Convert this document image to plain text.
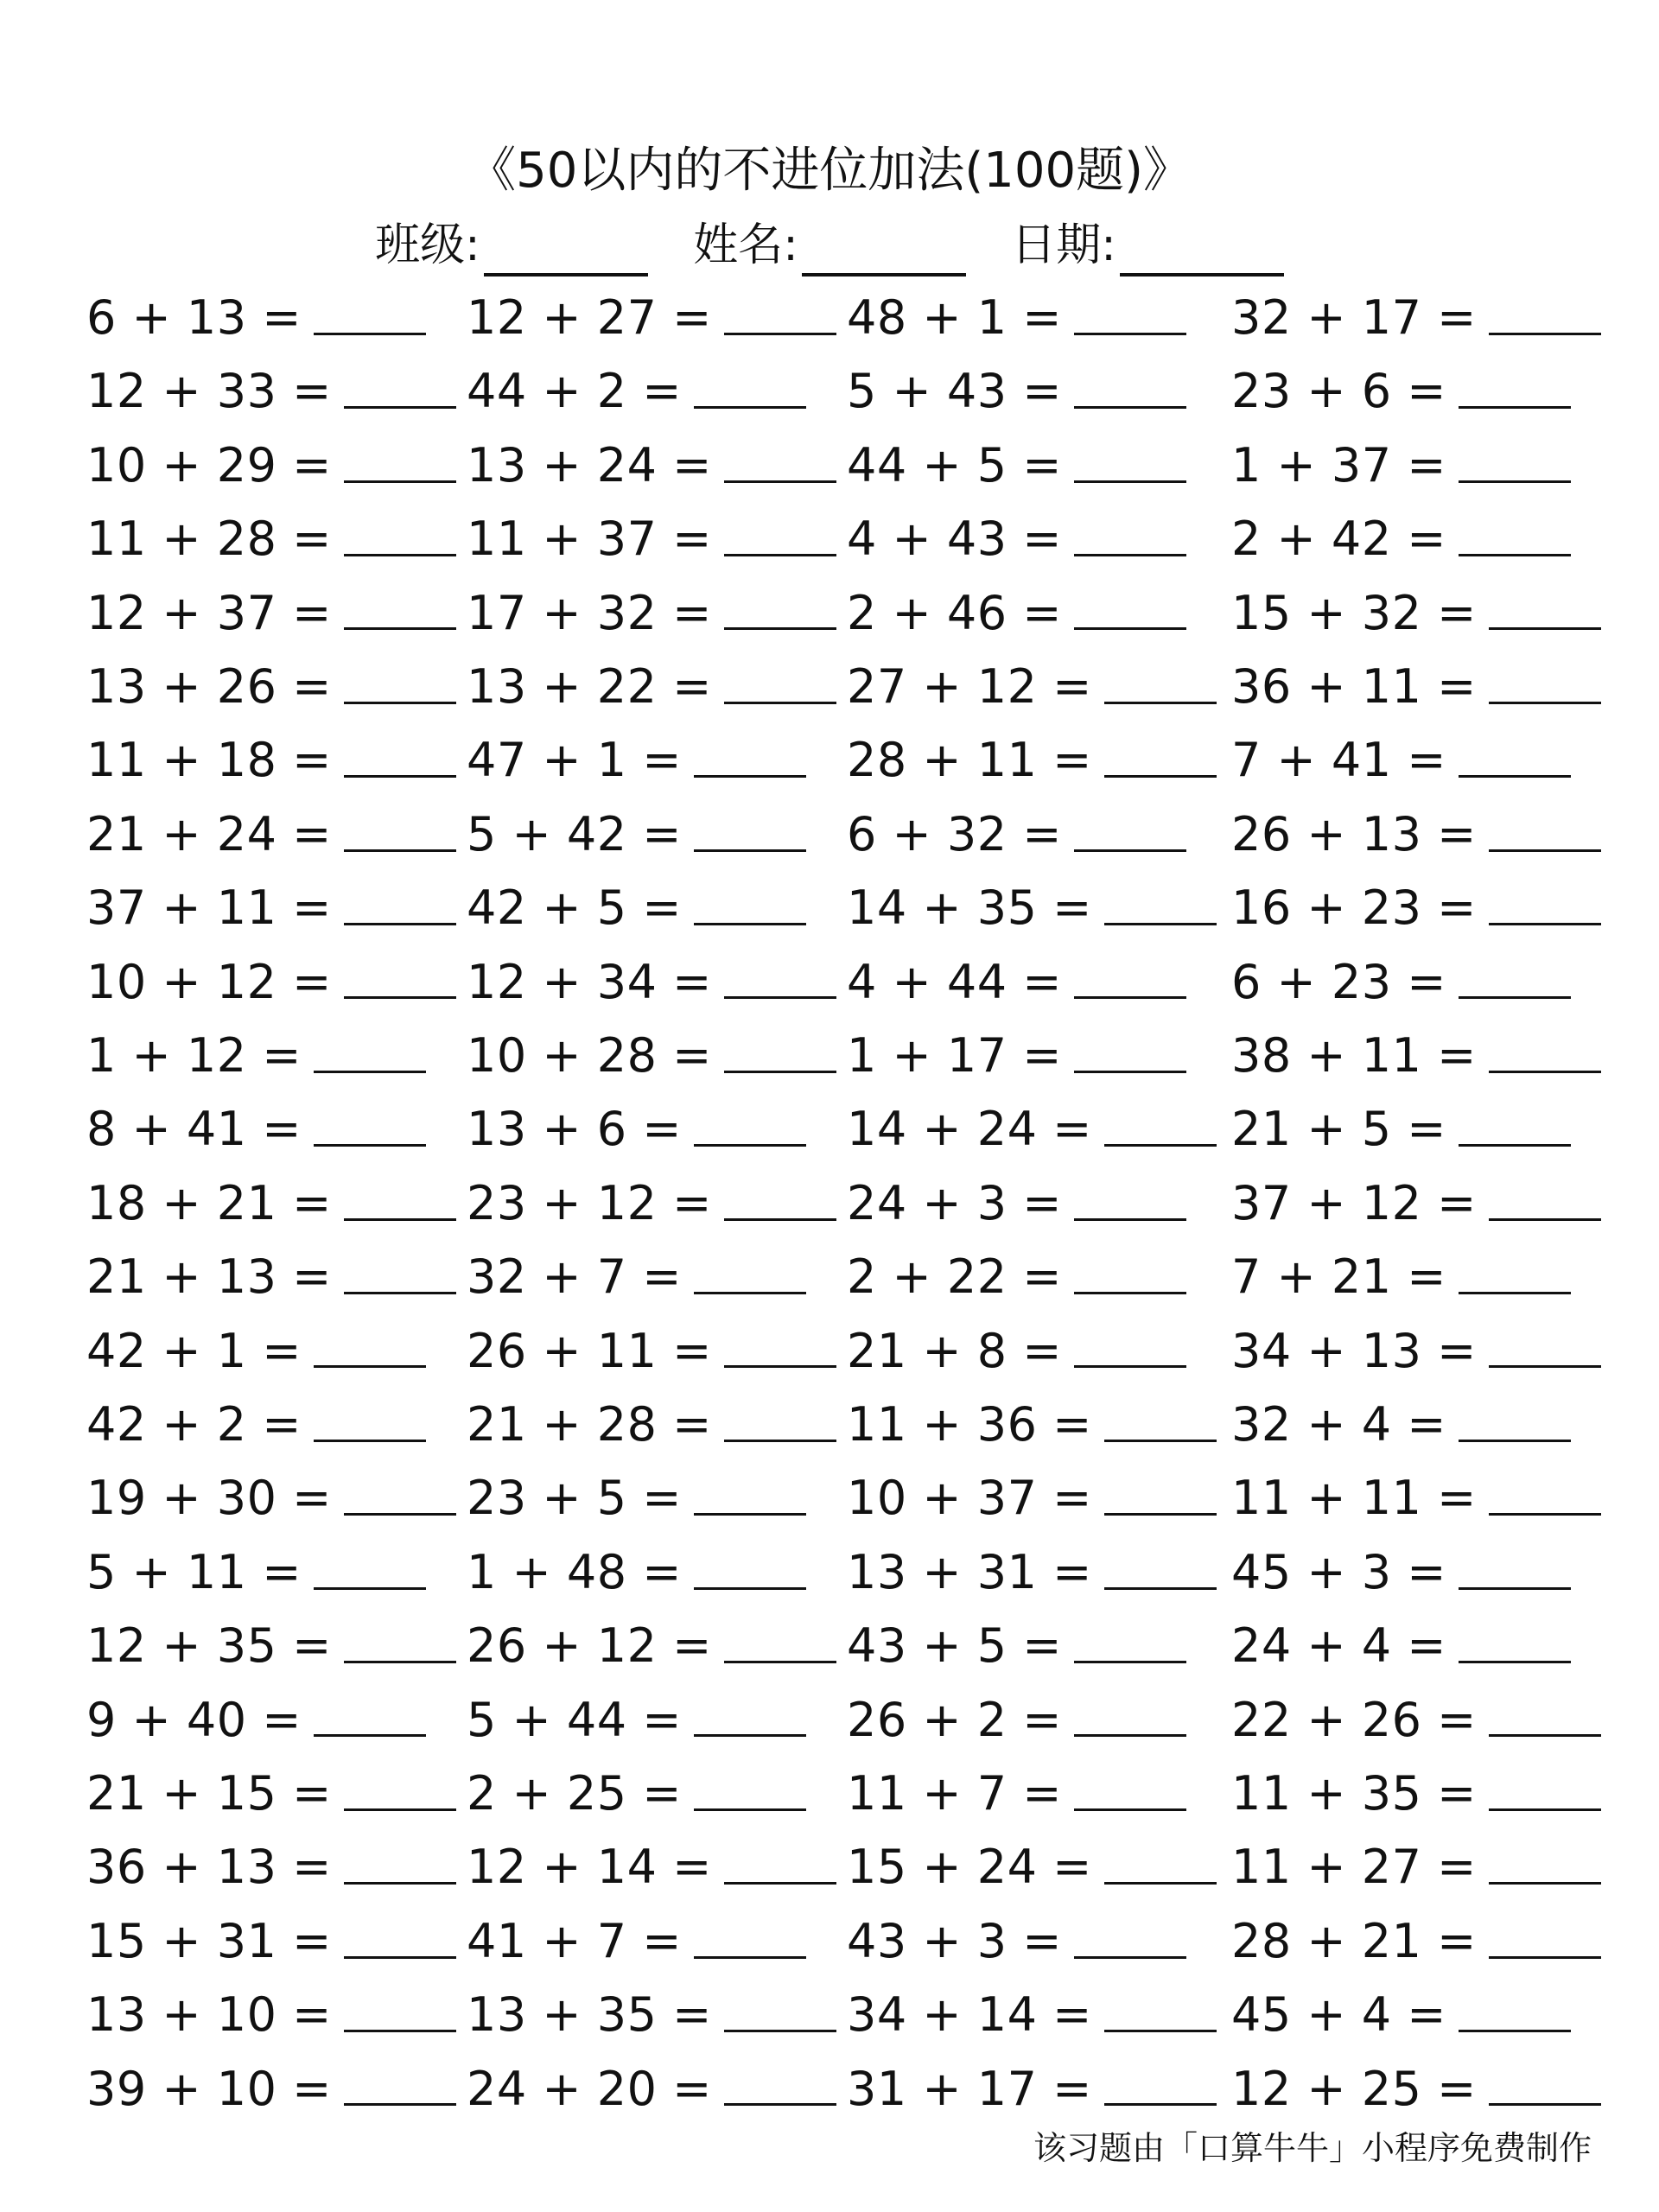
《50以内的不进位加法(100题)》
班级:	姓名:	日期:
6 + 13 =
12 + 33 =
10 + 29 =
11 + 28 =
12 + 37 =
13 + 26 =
11 + 18 =
21 + 24 =
37 + 11 =
10 + 12 =
1 + 12 =
8 + 41 =
18 + 21 =
21 + 13 =
42 + 1 =
42 + 2 =
19 + 30 =
5 + 11 =
12 + 35 =
9 + 40 =
21 + 15 =
36 + 13 =
15 + 31 =
13 + 10 =
39 + 10 =
12 + 27 =
44 + 2 =
13 + 24 =
11 + 37 =
17 + 32 =
13 + 22 =
47 + 1 =
5 + 42 =
42 + 5 =
12 + 34 =
10 + 28 =
13 + 6 =
23 + 12 =
32 + 7 =
26 + 11 =
21 + 28 =
23 + 5 =
1 + 48 =
26 + 12 =
5 + 44 =
2 + 25 =
12 + 14 =
41 + 7 =
13 + 35 =
24 + 20 =
48 + 1 =
5 + 43 =
44 + 5 =
4 + 43 =
2 + 46 =
27 + 12 =
28 + 11 =
6 + 32 =
14 + 35 =
4 + 44 =
1 + 17 =
14 + 24 =
24 + 3 =
2 + 22 =
21 + 8 =
11 + 36 =
10 + 37 =
13 + 31 =
43 + 5 =
26 + 2 =
11 + 7 =
15 + 24 =
43 + 3 =
34 + 14 =
31 + 17 =
32 + 17 =
23 + 6 =
1 + 37 =
2 + 42 =
15 + 32 =
36 + 11 =
7 + 41 =
26 + 13 =
16 + 23 =
6 + 23 =
38 + 11 =
21 + 5 =
37 + 12 =
7 + 21 =
34 + 13 =
32 + 4 =
11 + 11 =
45 + 3 =
24 + 4 =
22 + 26 =
11 + 35 =
11 + 27 =
28 + 21 =
45 + 4 =
12 + 25 =
该习题由「口算牛牛」小程序免费制作
